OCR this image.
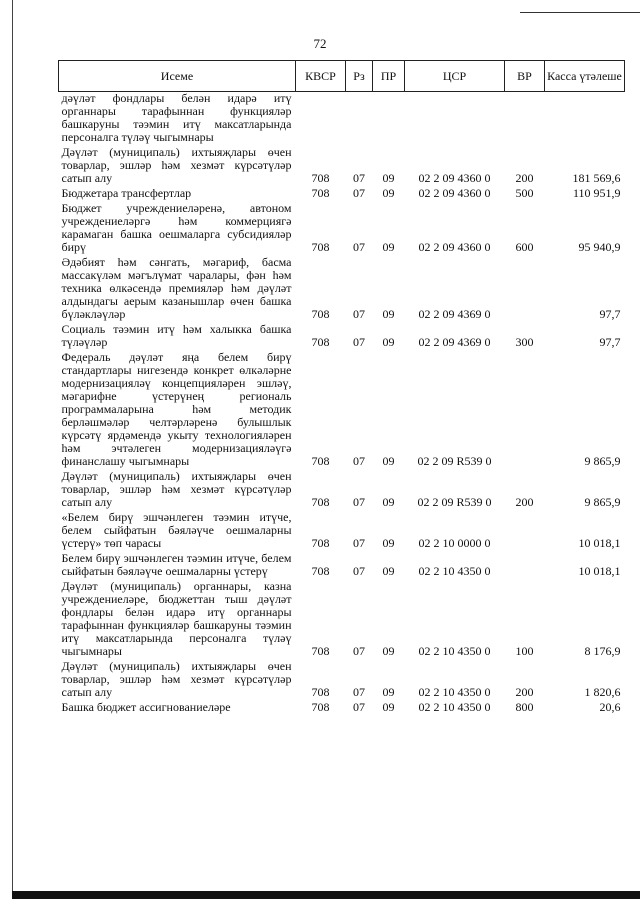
72
Исеме	КВСР	Рз	ПР	ЦСР	ВР	Касса үтәлеше
дәүләт фондлары белән идарә итү органнары тарафыннан функцияләр башкаруны тәэмин итү максатларында персоналга түләү чыгымнары						
Дәүләт (муниципаль) ихтыяҗлары өчен товарлар, эшләр һәм хезмәт күрсәтүләр сатып алу	708	07	09	02 2 09 4360 0	200	181 569,6
Бюджетара трансфертлар	708	07	09	02 2 09 4360 0	500	110 951,9
Бюджет учреждениеләренә, автоном учреждениеләргә һәм коммерциягә карамаган башка оешмаларга субсидияләр бирү	708	07	09	02 2 09 4360 0	600	95 940,9
Әдәбият һәм сәнгать, мәгариф, басма массакүләм мәгълүмат чаралары, фән һәм техника өлкәсендә премияләр һәм дәүләт алдындагы аерым казанышлар өчен башка бүләкләүләр	708	07	09	02 2 09 4369 0		97,7
Социаль тәэмин итү һәм халыкка башка түләүләр	708	07	09	02 2 09 4369 0	300	97,7
Федераль дәүләт яңа белем бирү стандартлары нигезендә конкрет өлкәләрне модернизацияләү концепцияләрен эшләү, мәгарифне үстерүнең региональ программаларына һәм методик берләшмәләр челтәрләренә булышлык күрсәтү ярдәмендә укыту технологияләрен һәм эчтәлеген модернизацияләүгә финанслашу чыгымнары	708	07	09	02 2 09 R539 0		9 865,9
Дәүләт (муниципаль) ихтыяҗлары өчен товарлар, эшләр һәм хезмәт күрсәтүләр сатып алу	708	07	09	02 2 09 R539 0	200	9 865,9
«Белем бирү эшчәнлеген тәэмин итүче, белем сыйфатын бәяләүче оешмаларны үстерү» төп чарасы	708	07	09	02 2 10 0000 0		10 018,1
Белем бирү эшчәнлеген тәэмин итүче, белем сыйфатын бәяләүче оешмаларны үстерү	708	07	09	02 2 10 4350 0		10 018,1
Дәүләт (муниципаль) органнары, казна учреждениеләре, бюджеттан тыш дәүләт фондлары белән идарә итү органнары тарафыннан функцияләр башкаруны тәэмин итү максатларында персоналга түләү чыгымнары	708	07	09	02 2 10 4350 0	100	8 176,9
Дәүләт (муниципаль) ихтыяҗлары өчен товарлар, эшләр һәм хезмәт күрсәтүләр сатып алу	708	07	09	02 2 10 4350 0	200	1 820,6
Башка бюджет ассигнованиеләре	708	07	09	02 2 10 4350 0	800	20,6
